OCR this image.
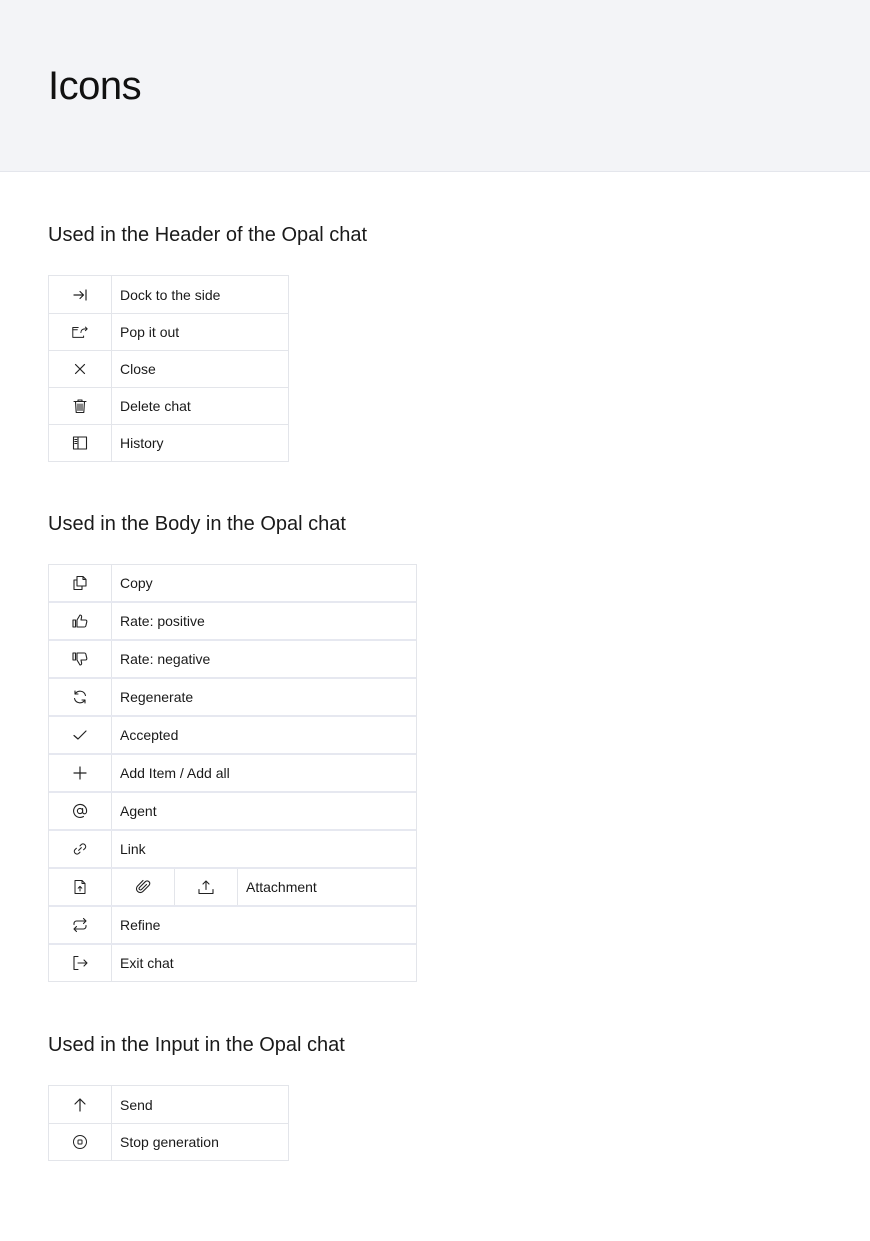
Icons
Used in the Header of the Opal chat
Dock to the side
Pop it out
Close
Delete chat
History
Used in the Body in the Opal chat
Copy
Rate: positive
Rate: negative
Regenerate
Accepted
Add Item / Add all
Agent
Link
Attachment
Refine
Exit chat
Used in the Input in the Opal chat
Send
Stop generation
